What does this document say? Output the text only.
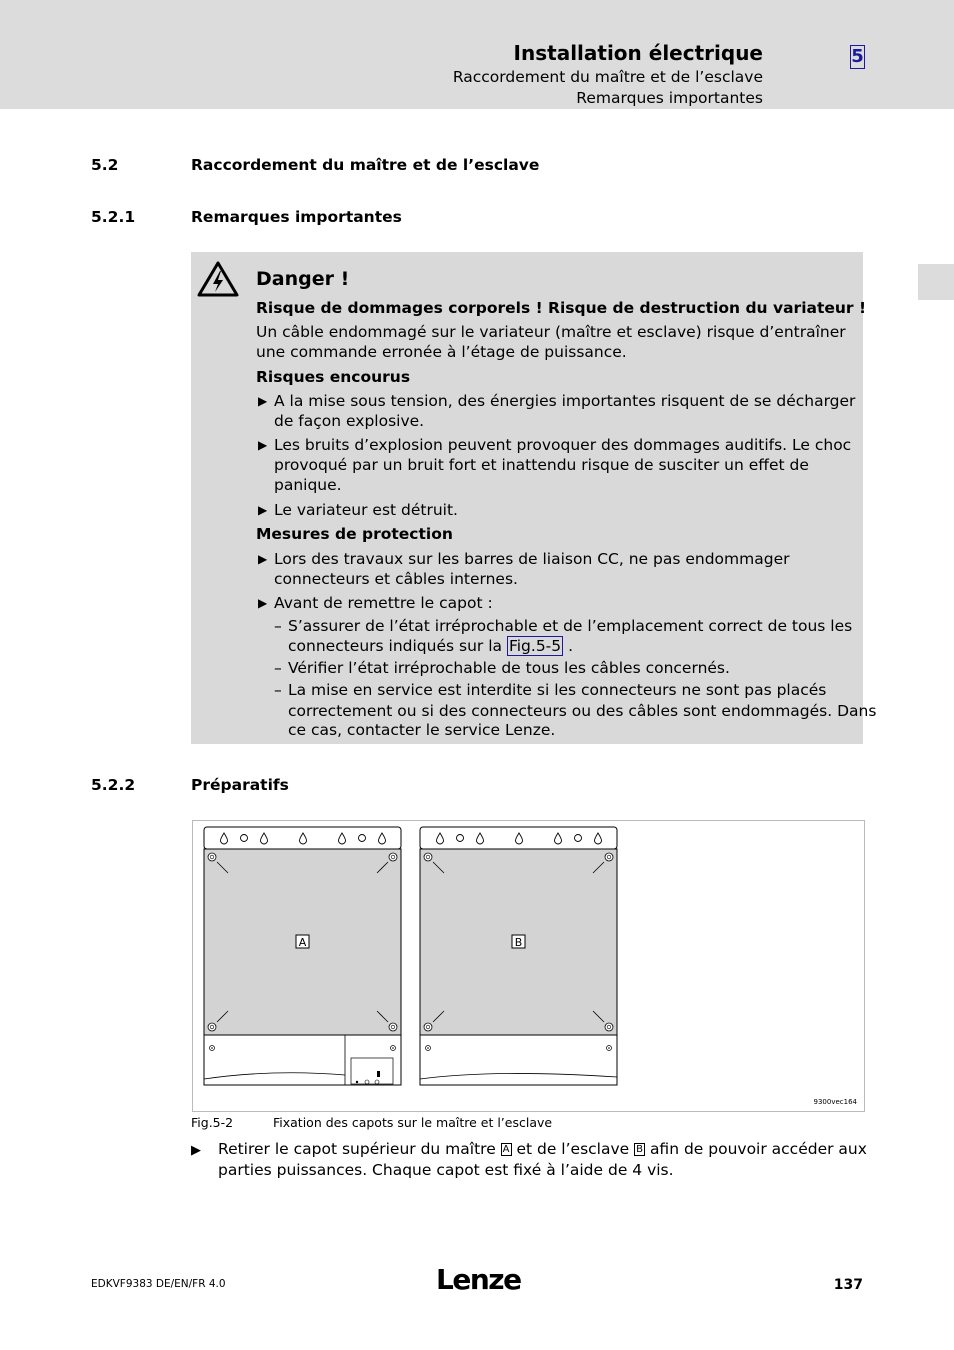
Installation électrique
Raccordement du maître et de l’esclave
Remarques importantes
5
5.2	Raccordement du maître et de l’esclave
5.2.1	Remarques importantes
Danger !
Risque de dommages corporels ! Risque de destruction du variateur !
Un câble endommagé sur le variateur (maître et esclave) risque d’entraîner
une commande erronée à l’étage de puissance.
Risques encourus
▶ A la mise sous tension, des énergies importantes risquent de se décharger
de façon explosive.
▶ Les bruits d’explosion peuvent provoquer des dommages auditifs. Le choc
provoqué par un bruit fort et inattendu risque de susciter un effet de
panique.
▶ Le variateur est détruit.
Mesures de protection
▶ Lors des travaux sur les barres de liaison CC, ne pas endommager
connecteurs et câbles internes.
▶ Avant de remettre le capot :
– S’assurer de l’état irréprochable et de l’emplacement correct de tous les
connecteurs indiqués sur la Fig.5-5 .
– Vérifier l’état irréprochable de tous les câbles concernés.
– La mise en service est interdite si les connecteurs ne sont pas placés
correctement ou si des connecteurs ou des câbles sont endommagés. Dans
ce cas, contacter le service Lenze.
5.2.2	Préparatifs
A	B
9300vec164
Fig.5-2	Fixation des capots sur le maître et l’esclave
▶ Retirer le capot supérieur du maître A et de l’esclave B afin de pouvoir accéder aux
parties puissances. Chaque capot est fixé à l’aide de 4 vis.
EDKVF9383 DE/EN/FR 4.0	Lenze	137
